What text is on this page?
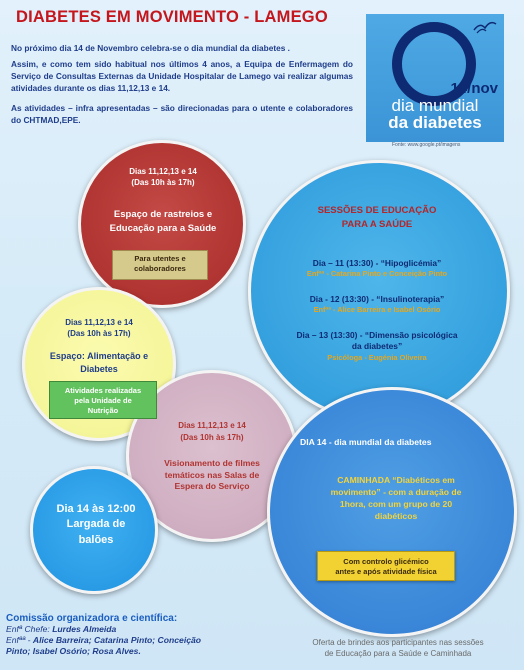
DIABETES EM MOVIMENTO - LAMEGO

No próximo dia 14 de Novembro celebra-se o dia mundial da diabetes .

Assim, e como tem sido habitual nos últimos 4 anos, a Equipa de Enfermagem do Serviço de Consultas Externas da Unidade Hospitalar de Lamego vai realizar algumas atividades durante os dias 11,12,13 e 14.

As atividades – infra apresentadas – são direcionadas para o utente e colaboradores do CHTMAD,EPE.

14/nov
dia mundial
da diabetes
Fonte: www.google.pt/imagens
Dias 11,12,13 e 14
(Das 10h às 17h)
Espaço de rastreios e
Educação para a Saúde
Para utentes e
colaboradores
SESSÕES DE EDUCAÇÃO
PARA A SAÚDE
Dia – 11 (13:30) - “Hipoglicémia”
Enfªª - Catarina Pinto e Conceição Pinto
Dia - 12 (13:30) - “Insulinoterapia”
Enfªª - Alice Barreira e Isabel Osório
Dia – 13 (13:30) - “Dimensão psicológica
da diabetes”
Psicóloga - Eugénia Oliveira
Dias 11,12,13 e 14
(Das 10h às 17h)
Espaço: Alimentação e
Diabetes
Atividades realizadas
pela Unidade de
Nutrição
Dias 11,12,13 e 14
(Das 10h às 17h)
Visionamento de filmes
temáticos nas Salas de
Espera do Serviço
DIA 14 - dia mundial da diabetes
CAMINHADA “Diabéticos em
movimento” - com a duração de
1hora, com um grupo de 20
diabéticos
Com controlo glicémico
antes e após atividade física
Dia 14 às 12:00
Largada de
balões
Comissão organizadora e científica:
Enfª Chefe: Lurdes Almeida
Enfªª - Alice Barreira; Catarina Pinto; Conceição
Pinto; Isabel Osório; Rosa Alves.
Oferta de brindes aos participantes nas sessões
de Educação para a Saúde e Caminhada
